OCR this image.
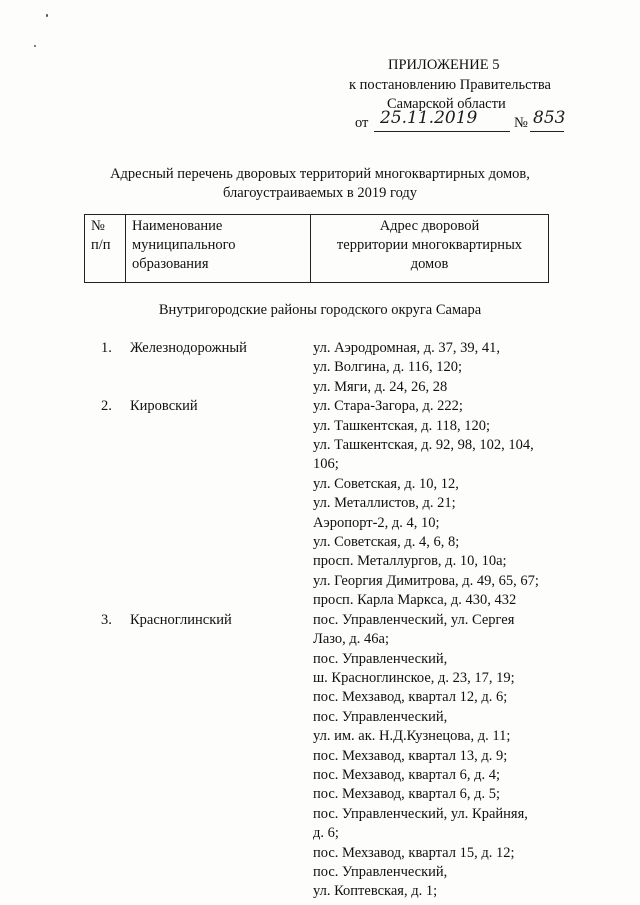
ПРИЛОЖЕНИЕ 5
к постановлению Правительства
Самарской области
от 25.11.2019	№ 853
Адресный перечень дворовых территорий многоквартирных домов,
благоустраиваемых в 2019 году
№
п/п

Наименование
муниципального
образования

Адрес дворовой
территории многоквартирных
домов
Внутригородские районы городского округа Самара
1. Железнодорожный	ул. Аэродромная, д. 37, 39, 41,
ул. Волгина, д. 116, 120;
ул. Мяги, д. 24, 26, 28
2. Кировский	ул. Стара-Загора, д. 222;
ул. Ташкентская, д. 118, 120;
ул. Ташкентская, д. 92, 98, 102, 104,
106;
ул. Советская, д. 10, 12,
ул. Металлистов, д. 21;
Аэропорт-2, д. 4, 10;
ул. Советская, д. 4, 6, 8;
просп. Металлургов, д. 10, 10а;
ул. Георгия Димитрова, д. 49, 65, 67;
просп. Карла Маркса, д. 430, 432
3. Красноглинский	пос. Управленческий, ул. Сергея
Лазо, д. 46а;
пос. Управленческий,
ш. Красноглинское, д. 23, 17, 19;
пос. Мехзавод, квартал 12, д. 6;
пос. Управленческий,
ул. им. ак. Н.Д.Кузнецова, д. 11;
пос. Мехзавод, квартал 13, д. 9;
пос. Мехзавод, квартал 6, д. 4;
пос. Мехзавод, квартал 6, д. 5;
пос. Управленческий, ул. Крайняя,
д. 6;
пос. Мехзавод, квартал 15, д. 12;
пос. Управленческий,
ул. Коптевская, д. 1;
